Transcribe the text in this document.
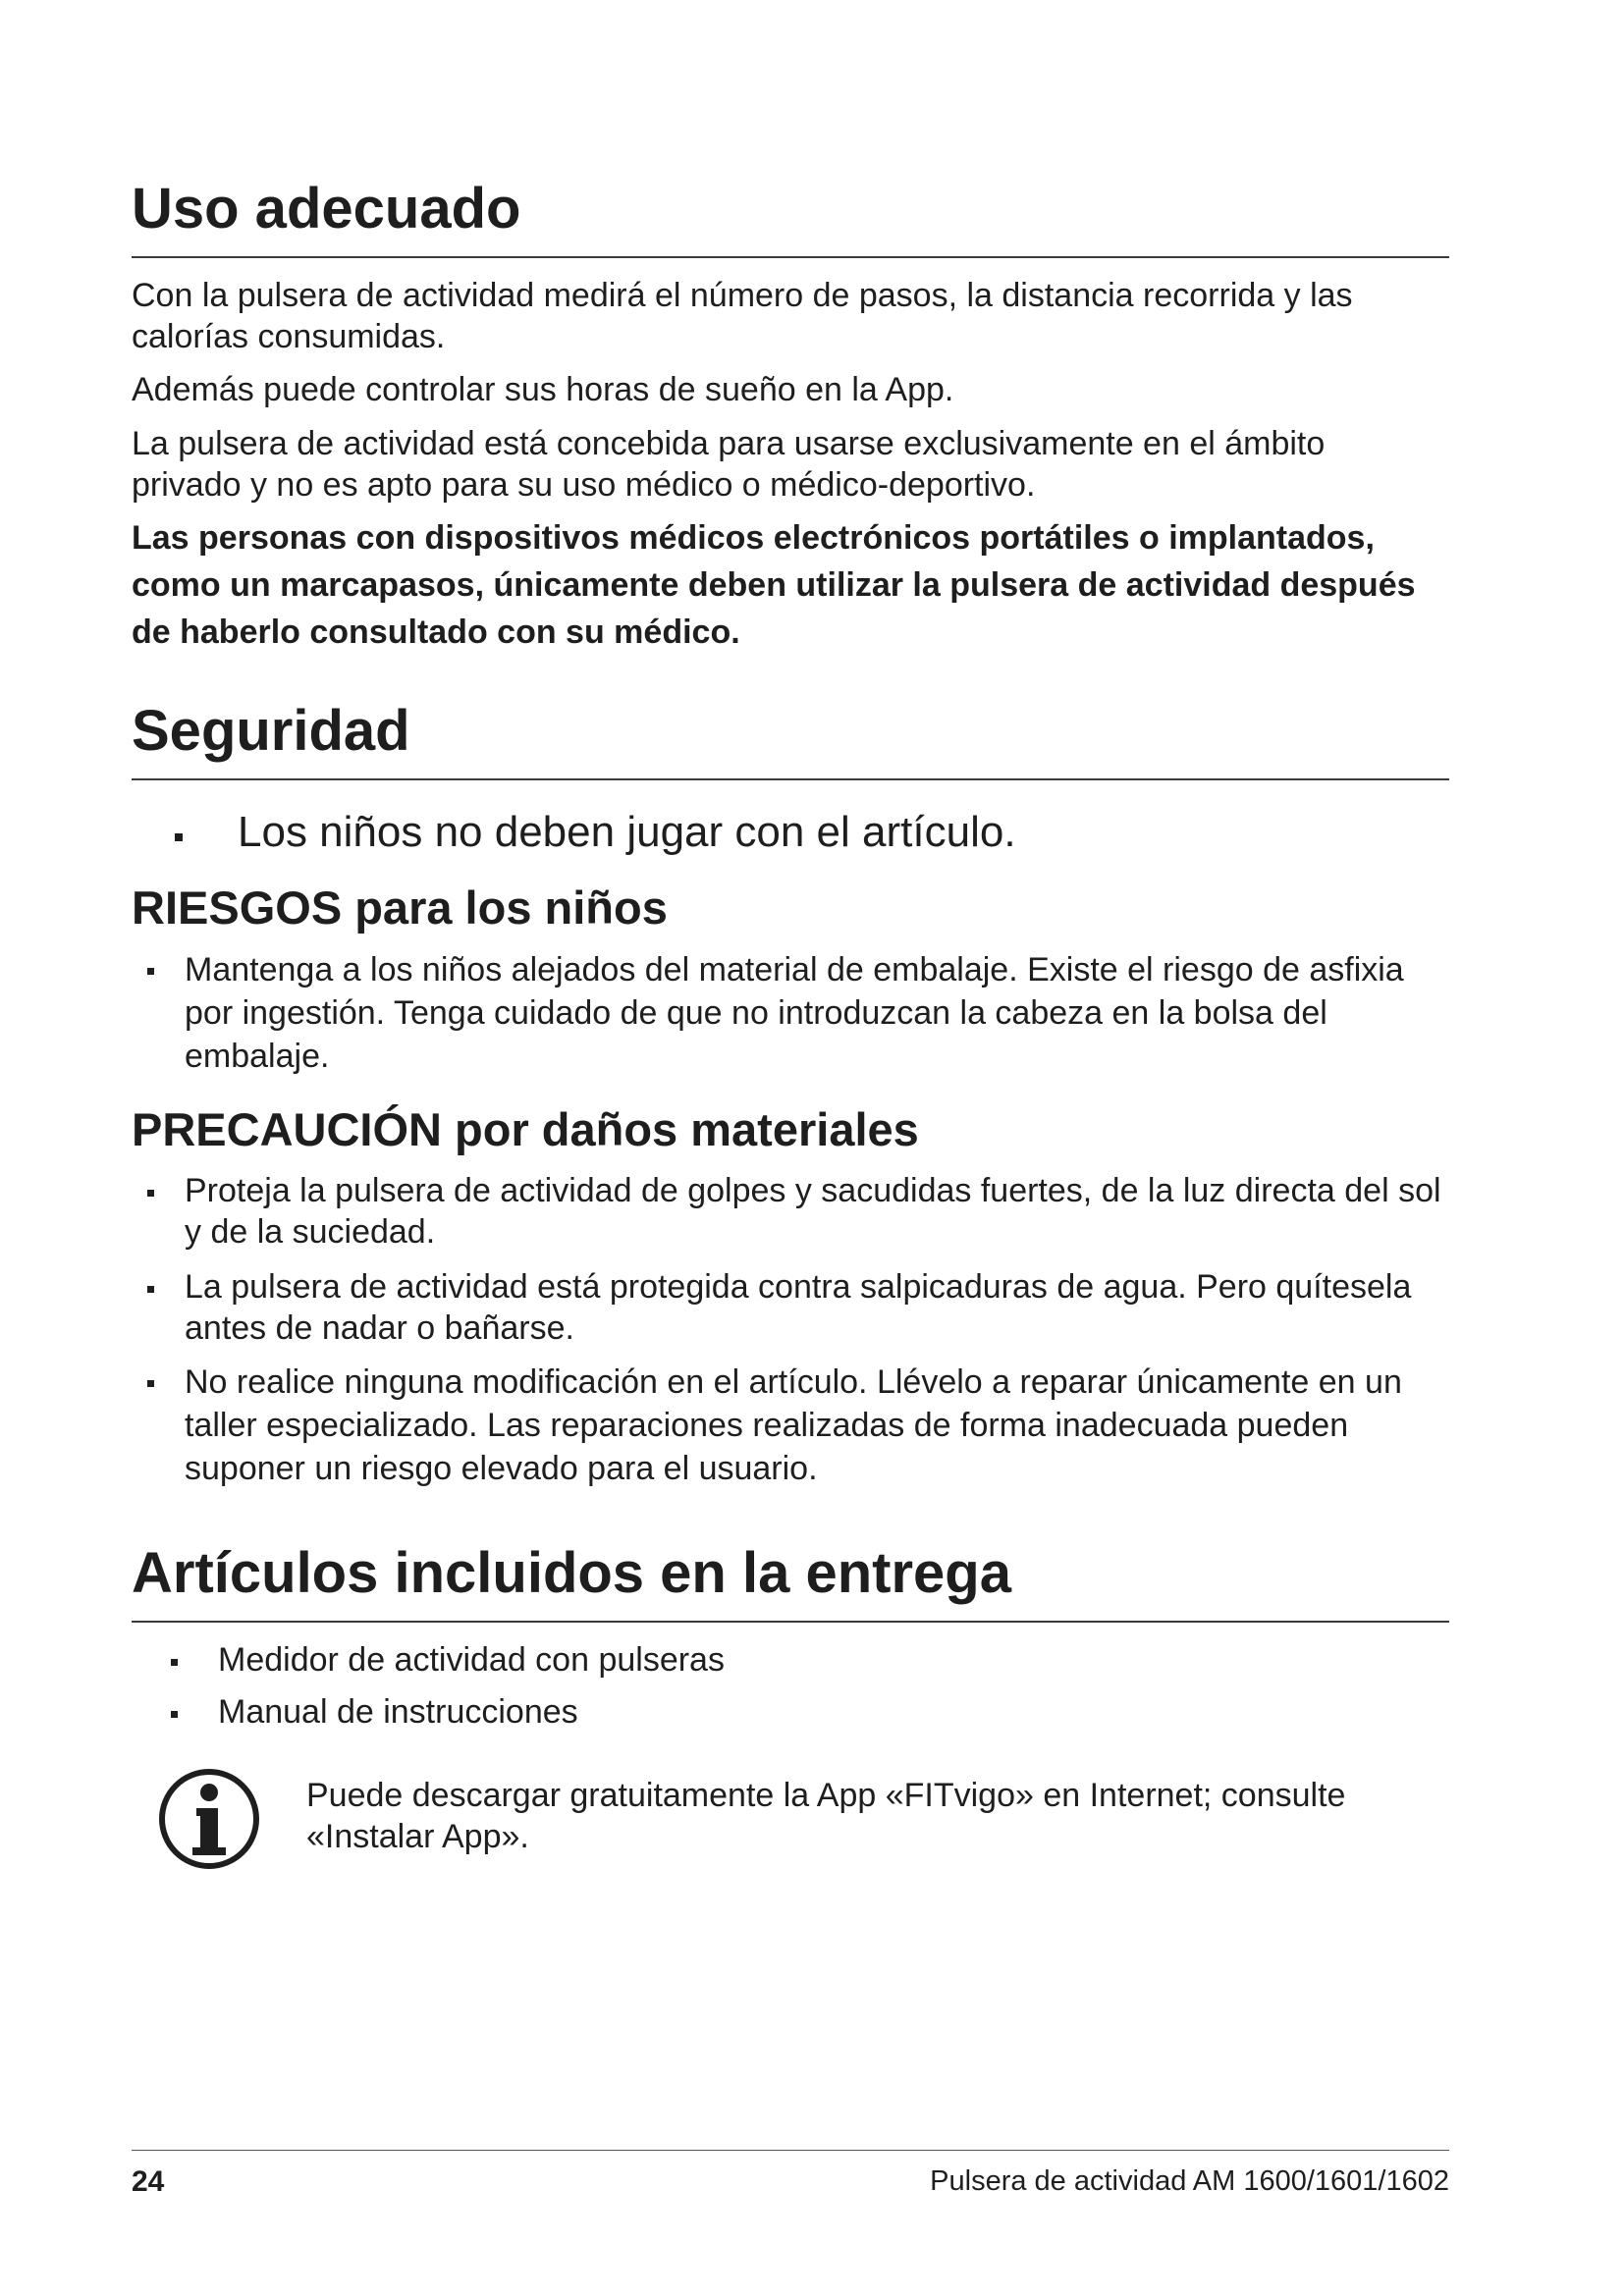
Uso adecuado

Con la pulsera de actividad medirá el número de pasos, la distancia recorrida y las calorías consumidas.

Además puede controlar sus horas de sueño en la App.

La pulsera de actividad está concebida para usarse exclusivamente en el ámbito privado y no es apto para su uso médico o médico-deportivo.

Las personas con dispositivos médicos electrónicos portátiles o implantados, como un marcapasos, únicamente deben utilizar la pulsera de actividad después de haberlo consultado con su médico.

Seguridad
Los niños no deben jugar con el artículo.
RIESGOS para los niños

Mantenga a los niños alejados del material de embalaje. Existe el riesgo de asfixia por ingestión. Tenga cuidado de que no introduzcan la cabeza en la bolsa del embalaje.

PRECAUCIÓN por daños materiales

Proteja la pulsera de actividad de golpes y sacudidas fuertes, de la luz directa del sol y de la suciedad.

La pulsera de actividad está protegida contra salpicaduras de agua. Pero quítesela antes de nadar o bañarse.

No realice ninguna modificación en el artículo. Llévelo a reparar únicamente en un taller especializado. Las reparaciones realizadas de forma inadecuada pueden suponer un riesgo elevado para el usuario.

Artículos incluidos en la entrega
Medidor de actividad con pulseras
Manual de instrucciones

Puede descargar gratuitamente la App «FITvigo» en Internet; consulte «Instalar App».

24	Pulsera de actividad AM 1600/1601/1602
